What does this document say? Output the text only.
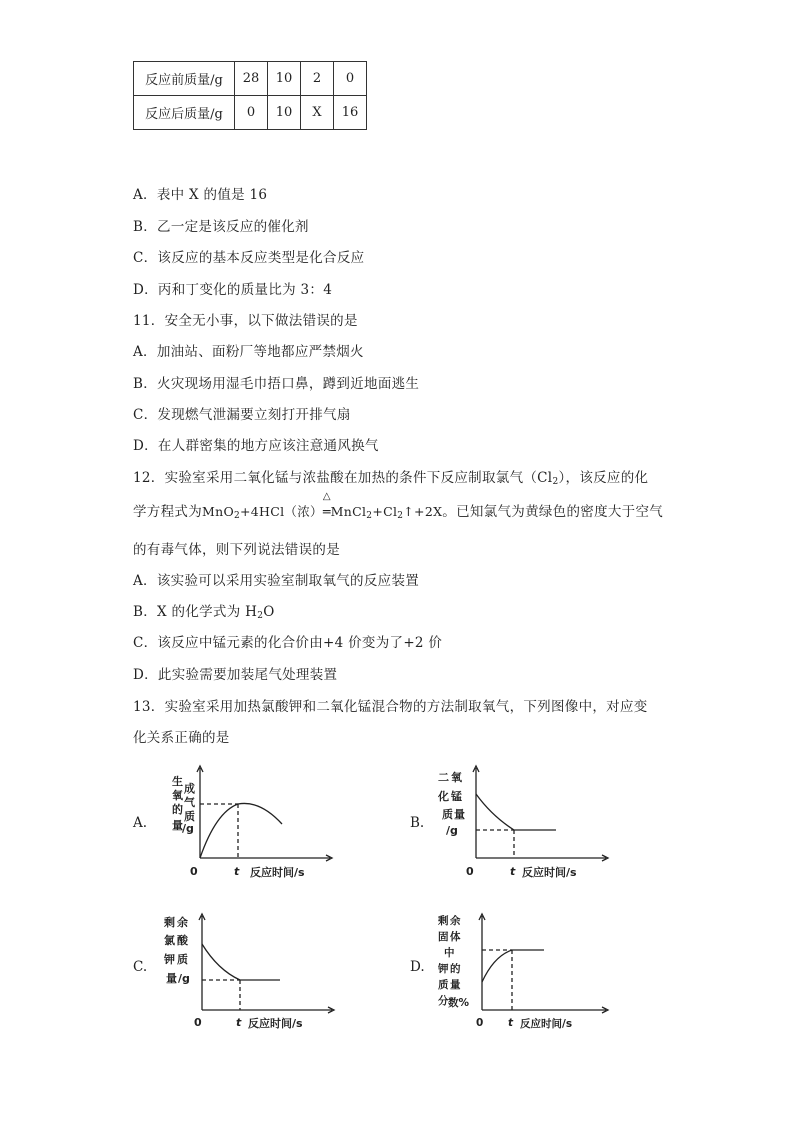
反应前质量/g	28	10	2	0
反应后质量/g	0	10	X	16
A．表中 X 的值是 16
B．乙一定是该反应的催化剂
C．该反应的基本反应类型是化合反应
D．丙和丁变化的质量比为 3：4
11．安全无小事，以下做法错误的是
A．加油站、面粉厂等地都应严禁烟火
B．火灾现场用湿毛巾捂口鼻，蹲到近地面逃生
C．发现燃气泄漏要立刻打开排气扇
D．在人群密集的地方应该注意通风换气
12．实验室采用二氧化锰与浓盐酸在加热的条件下反应制取氯气$(Cl_2)$，该反应的化
学方程式为MnO$_2$+4HCl（浓）
△
$═MnCl_2+Cl_2↑+2X$。已知氯气为黄绿色的密度大于空气
的有毒气体，则下列说法错误的是
A．该实验可以采用实验室制取氧气的反应装置
B．X 的化学式为 $H_2O$
C．该反应中锰元素的化合价由+4 价变为了+2 价
D．此实验需要加装尾气处理装置
13．实验室采用加热氯酸钾和二氧化锰混合物的方法制取氧气，下列图像中，对应变
化关系正确的是
A.	B.
C.	D.
生
成
氧
气
的
质
量 /g
0	t 反应时间/s
二 氧
化 锰
质 量
/g
0	t 反应时间/s
剩 余
氯 酸
钾 质
量 /g
0	t 反应时间/s
剩 余
固 体
中
钾 的
质 量
分 数%
0 t 反应时间/s
